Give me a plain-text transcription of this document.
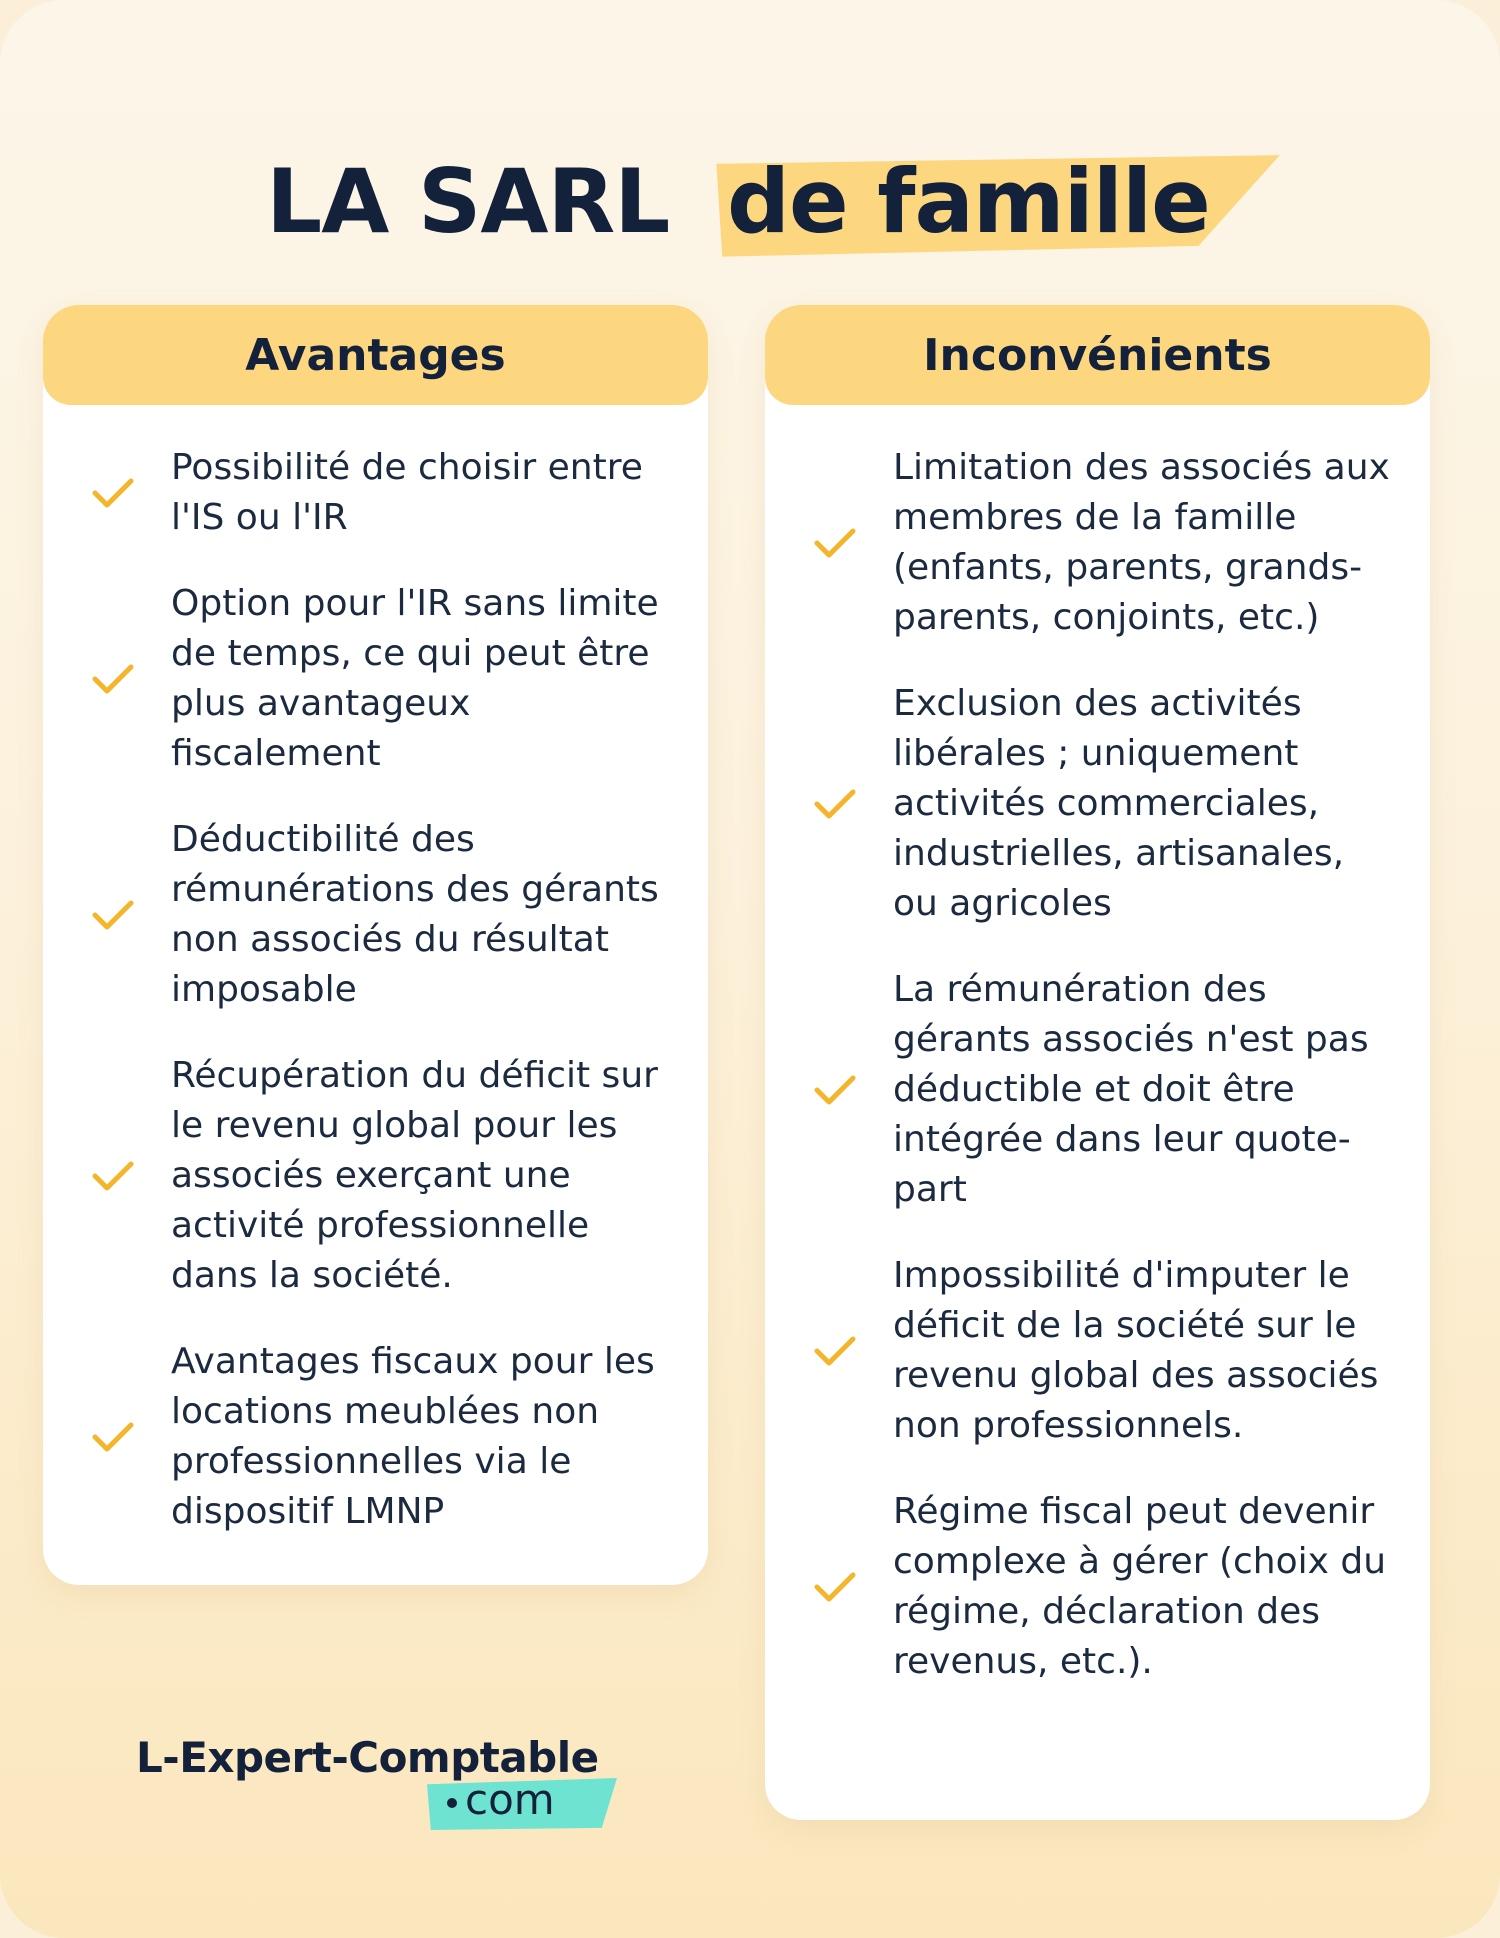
LA SARL de famille
Avantages
Possibilité de choisir entre l'IS ou l'IR
Option pour l'IR sans limite de temps, ce qui peut être plus avantageux fiscalement
Déductibilité des rémunérations des gérants non associés du résultat imposable
Récupération du déficit sur le revenu global pour les associés exerçant une activité professionnelle dans la société.
Avantages fiscaux pour les locations meublées non professionnelles via le dispositif LMNP
Inconvénients
Limitation des associés aux membres de la famille (enfants, parents, grands-parents, conjoints, etc.)
Exclusion des activités libérales ; uniquement activités commerciales, industrielles, artisanales, ou agricoles
La rémunération des gérants associés n'est pas déductible et doit être intégrée dans leur quote-part
Impossibilité d'imputer le déficit de la société sur le revenu global des associés non professionnels.
Régime fiscal peut devenir complexe à gérer (choix du régime, déclaration des revenus, etc.).
L-Expert-Comptable
com
